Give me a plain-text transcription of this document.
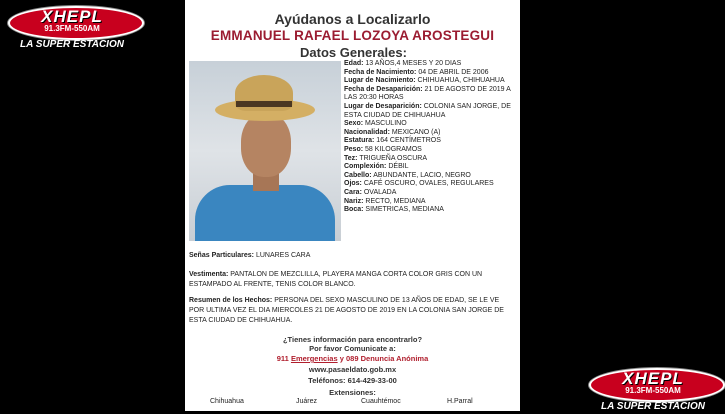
XHEPL
91.3FM-550AM
LA SUPER ESTACION
Ayúdanos a Localizarlo
EMMANUEL RAFAEL LOZOYA AROSTEGUI
Datos Generales:
Edad: 13 AÑOS,4 MESES Y 20 DIAS
Fecha de Nacimiento: 04 DE ABRIL DE 2006
Lugar de Nacimiento: CHIHUAHUA, CHIHUAHUA
Fecha de Desaparición: 21 DE AGOSTO DE 2019 A LAS 20:30 HORAS
Lugar de Desaparición: COLONIA SAN JORGE, DE ESTA CIUDAD DE CHIHUAHUA
Sexo: MASCULINO
Nacionalidad: MEXICANO (A)
Estatura: 164 CENTÍMETROS
Peso: 58 KILOGRAMOS
Tez: TRIGUEÑA OSCURA
Complexión: DÉBIL
Cabello: ABUNDANTE, LACIO, NEGRO
Ojos: CAFÉ OSCURO, OVALES, REGULARES
Cara: OVALADA
Nariz: RECTO, MEDIANA
Boca: SIMETRICAS, MEDIANA
Señas Particulares: LUNARES CARA
Vestimenta: PANTALON DE MEZCLILLA, PLAYERA MANGA CORTA COLOR GRIS CON UN ESTAMPADO AL FRENTE, TENIS COLOR BLANCO.
Resumen de los Hechos: PERSONA DEL SEXO MASCULINO DE 13 AÑOS DE EDAD, SE LE VE POR ULTIMA VEZ EL DIA MIERCOLES 21 DE AGOSTO DE 2019 EN LA COLONIA SAN JORGE DE ESTA CIUDAD DE CHIHUAHUA.
¿Tienes información para encontrarlo?
Por favor Comunicate a:
911 Emergencias y 089 Denuncia Anónima
www.pasaeldato.gob.mx
Teléfonos: 614-429-33-00
Extensiones:
Chihuahua	Juárez	Cuauhtémoc	H.Parral
XHEPL
91.3FM-550AM
LA SUPER ESTACION
